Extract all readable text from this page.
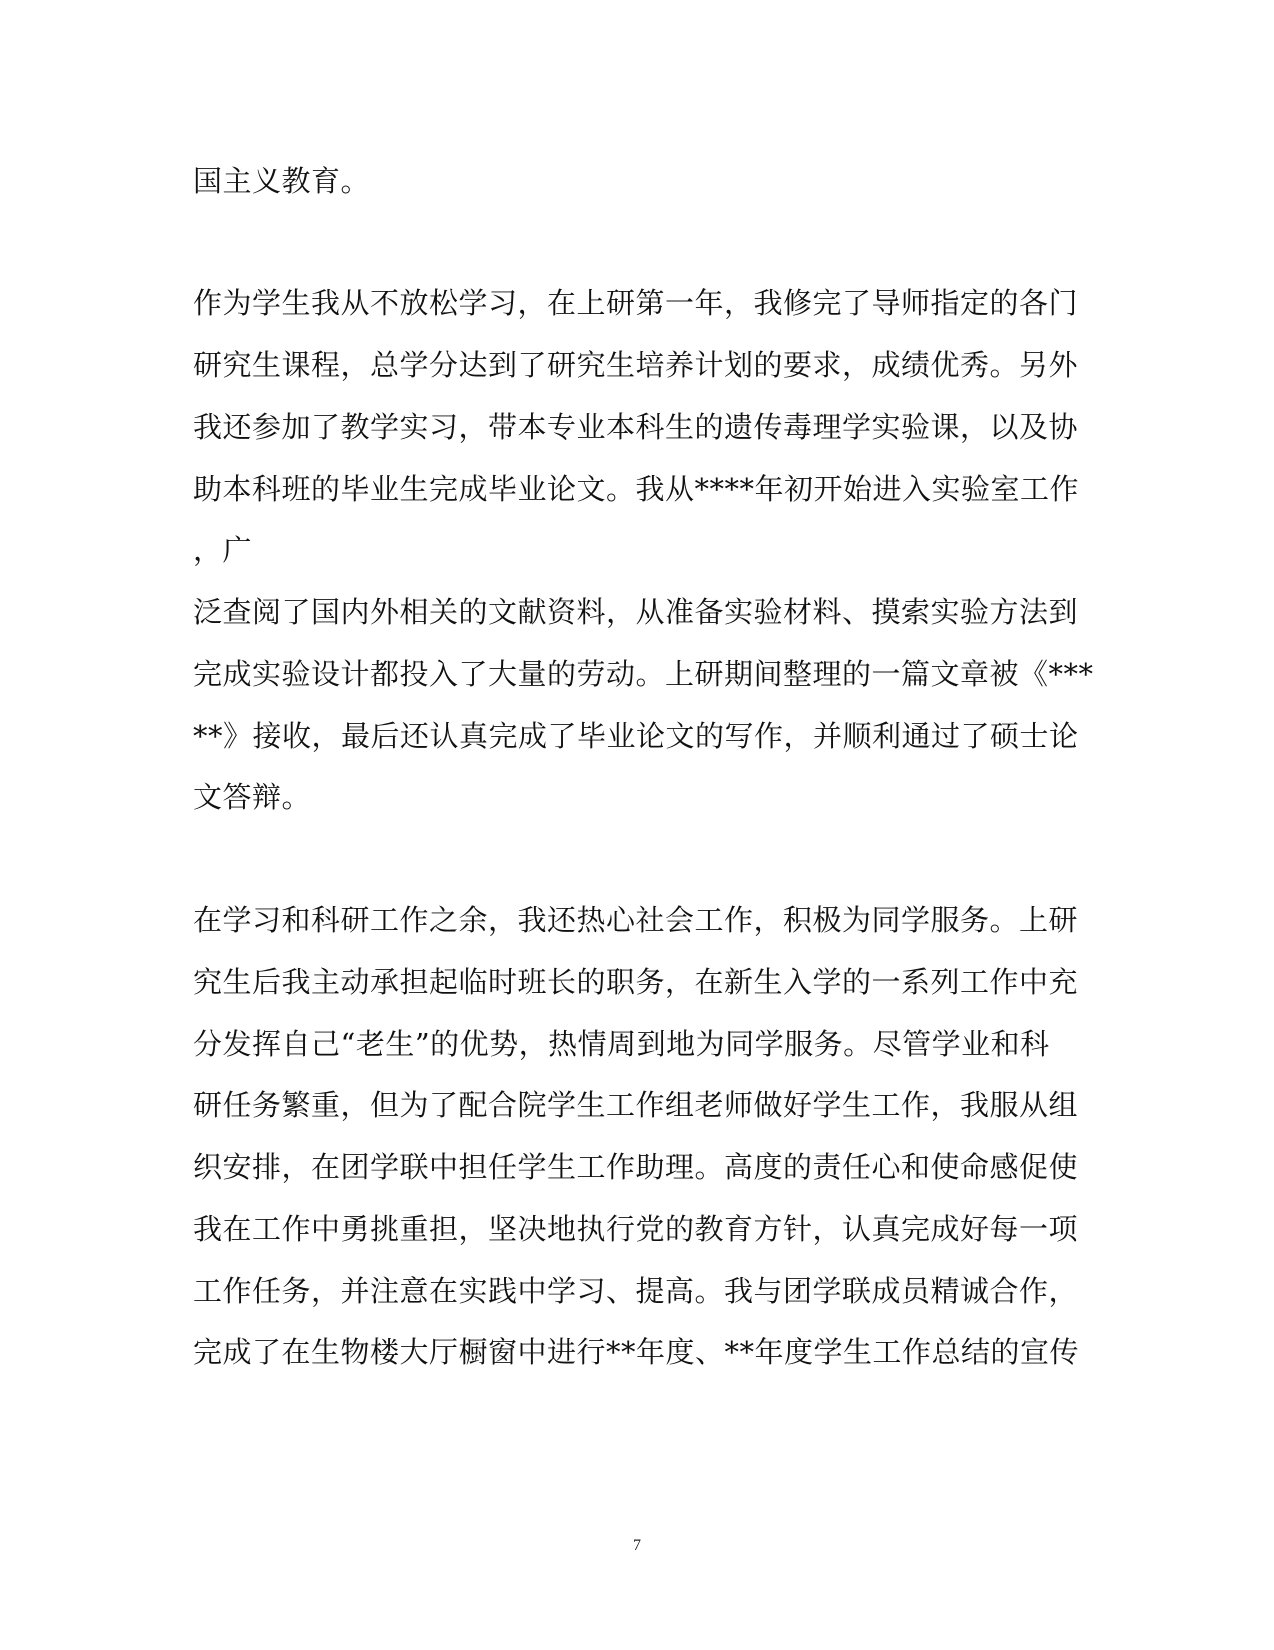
国主义教育。
作为学生我从不放松学习，在上研第一年，我修完了导师指定的各门
研究生课程，总学分达到了研究生培养计划的要求，成绩优秀。另外
我还参加了教学实习，带本专业本科生的遗传毒理学实验课，以及协
助本科班的毕业生完成毕业论文。我从****年初开始进入实验室工作
，广
泛查阅了国内外相关的文献资料，从准备实验材料、摸索实验方法到
完成实验设计都投入了大量的劳动。上研期间整理的一篇文章被《***
**》接收，最后还认真完成了毕业论文的写作，并顺利通过了硕士论
文答辩。
在学习和科研工作之余，我还热心社会工作，积极为同学服务。上研
究生后我主动承担起临时班长的职务，在新生入学的一系列工作中充
分发挥自己“老生”的优势，热情周到地为同学服务。尽管学业和科
研任务繁重，但为了配合院学生工作组老师做好学生工作，我服从组
织安排，在团学联中担任学生工作助理。高度的责任心和使命感促使
我在工作中勇挑重担，坚决地执行党的教育方针，认真完成好每一项
工作任务，并注意在实践中学习、提高。我与团学联成员精诚合作，
完成了在生物楼大厅橱窗中进行**年度、**年度学生工作总结的宣传
7
